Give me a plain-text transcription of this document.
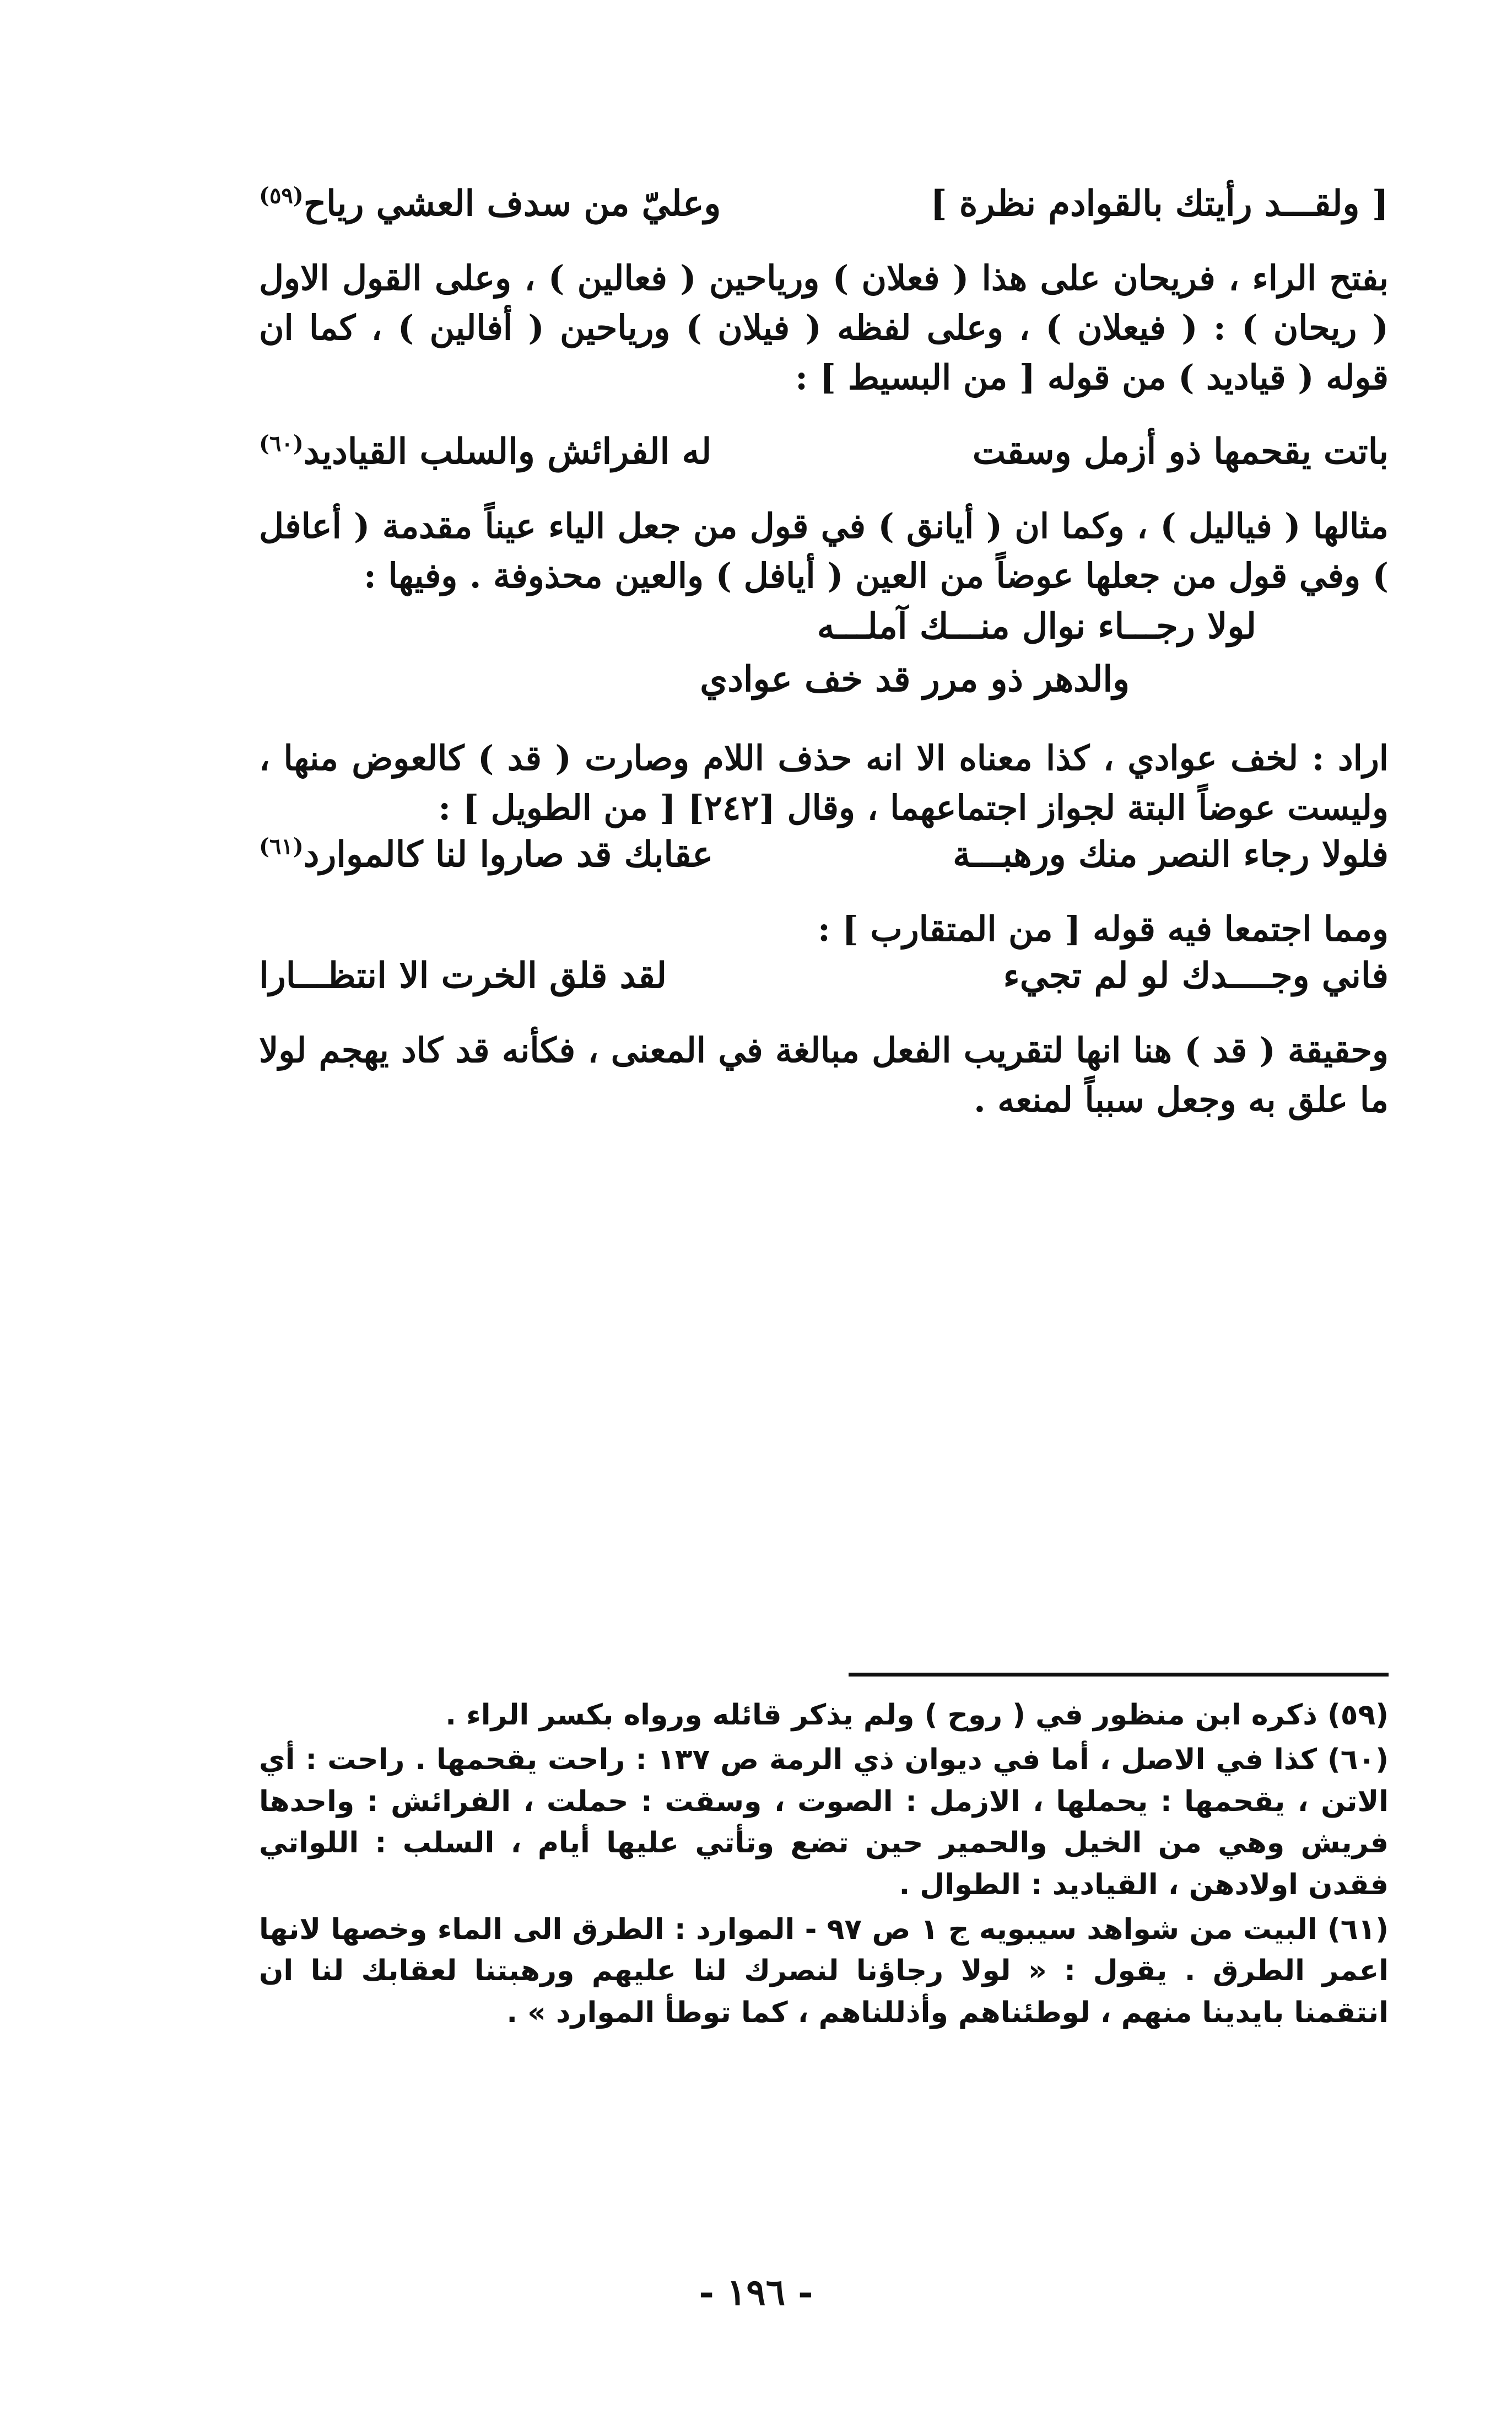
[ ولقـــد رأيتك بالقوادم نظرة ]
وعليّ من سدف العشي رياح$^{(٥٩)}$

بفتح الراء ، فريحان على هذا ( فعلان ) ورياحين ( فعالين ) ، وعلى القول الاول ( ريحان ) : ( فيعلان ) ، وعلى لفظه ( فيلان ) ورياحين ( أفالين ) ، كما ان قوله ( قياديد ) من قوله [ من البسيط ] :

باتت يقحمها ذو أزمل وسقت
له الفرائش والسلب القياديد$^{(٦٠)}$

مثالها ( فياليل ) ، وكما ان ( أيانق ) في قول من جعل الياء عيناً مقدمة ( أعافل ) وفي قول من جعلها عوضاً من العين ( أيافل ) والعين محذوفة . وفيها :

لولا رجـــاء نوال منـــك آملـــه
والدهر ذو مرر قد خف عوادي

اراد : لخف عوادي ، كذا معناه الا انه حذف اللام وصارت ( قد ) كالعوض منها ، وليست عوضاً البتة لجواز اجتماعهما ، وقال [٢٤٢] [ من الطويل ] :

فلولا رجاء النصر منك ورهبـــة
عقابك قد صاروا لنا كالموارد$^{(٦١)}$

ومما اجتمعا فيه قوله [ من المتقارب ] :

فاني وجــــدك لو لم تجيء
لقد قلق الخرت الا انتظـــارا

وحقيقة ( قد ) هنا انها لتقريب الفعل مبالغة في المعنى ، فكأنه قد كاد يهجم لولا ما علق به وجعل سبباً لمنعه .

(٥٩) ذكره ابن منظور في ( روح ) ولم يذكر قائله ورواه بكسر الراء .

(٦٠) كذا في الاصل ، أما في ديوان ذي الرمة ص ١٣٧ : راحت يقحمها . راحت : أي الاتن ، يقحمها : يحملها ، الازمل : الصوت ، وسقت : حملت ، الفرائش : واحدها فريش وهي من الخيل والحمير حين تضع وتأتي عليها أيام ، السلب : اللواتي فقدن اولادهن ، القياديد : الطوال .

(٦١) البيت من شواهد سيبويه ج ١ ص ٩٧ - الموارد : الطرق الى الماء وخصها لانها اعمر الطرق . يقول : « لولا رجاؤنا لنصرك لنا عليهم ورهبتنا لعقابك لنا ان انتقمنا بايدينا منهم ، لوطئناهم وأذللناهم ، كما توطأ الموارد » .

- ١٩٦ -
